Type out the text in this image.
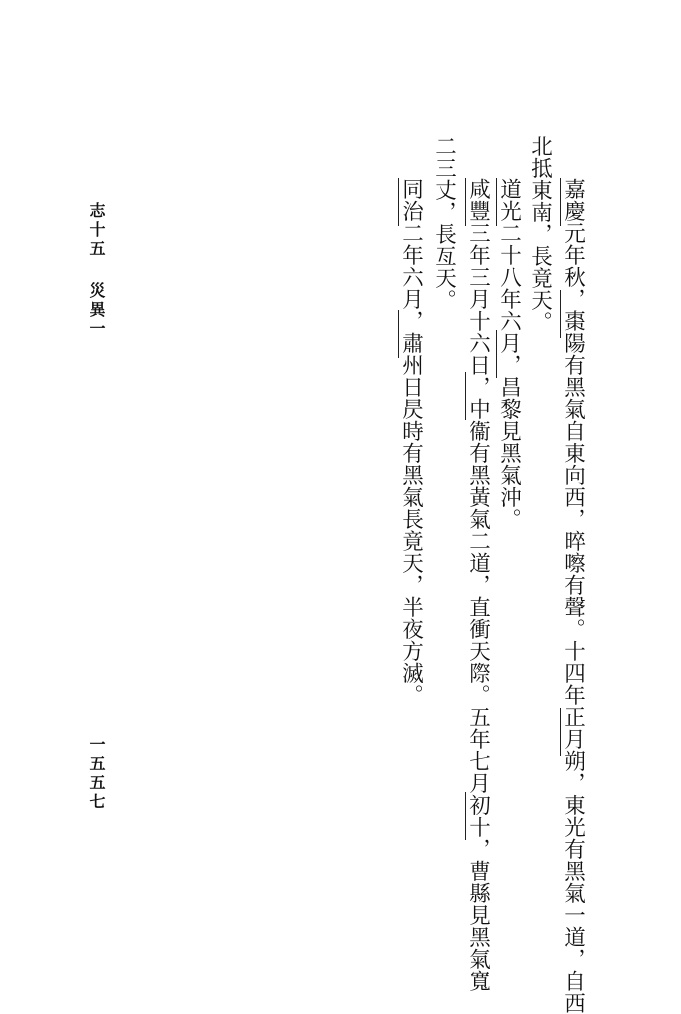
志十五
災異一
一五五七	嘉慶元年秋，棗陽有黑氣自東向西，晬嚓有聲。十四年正月朔，東光有黑氣一道，自西
北抵東南，長竟天。
道光二十八年六月，昌黎見黑氣沖。
咸豐三年三月十六日，中衞有黑黃氣二道，直衝天際。五年七月初十，曹縣見黑氣寬
二三丈，長亙天。
同治二年六月，肅州日昃時有黑氣長竟天，半夜方滅。
